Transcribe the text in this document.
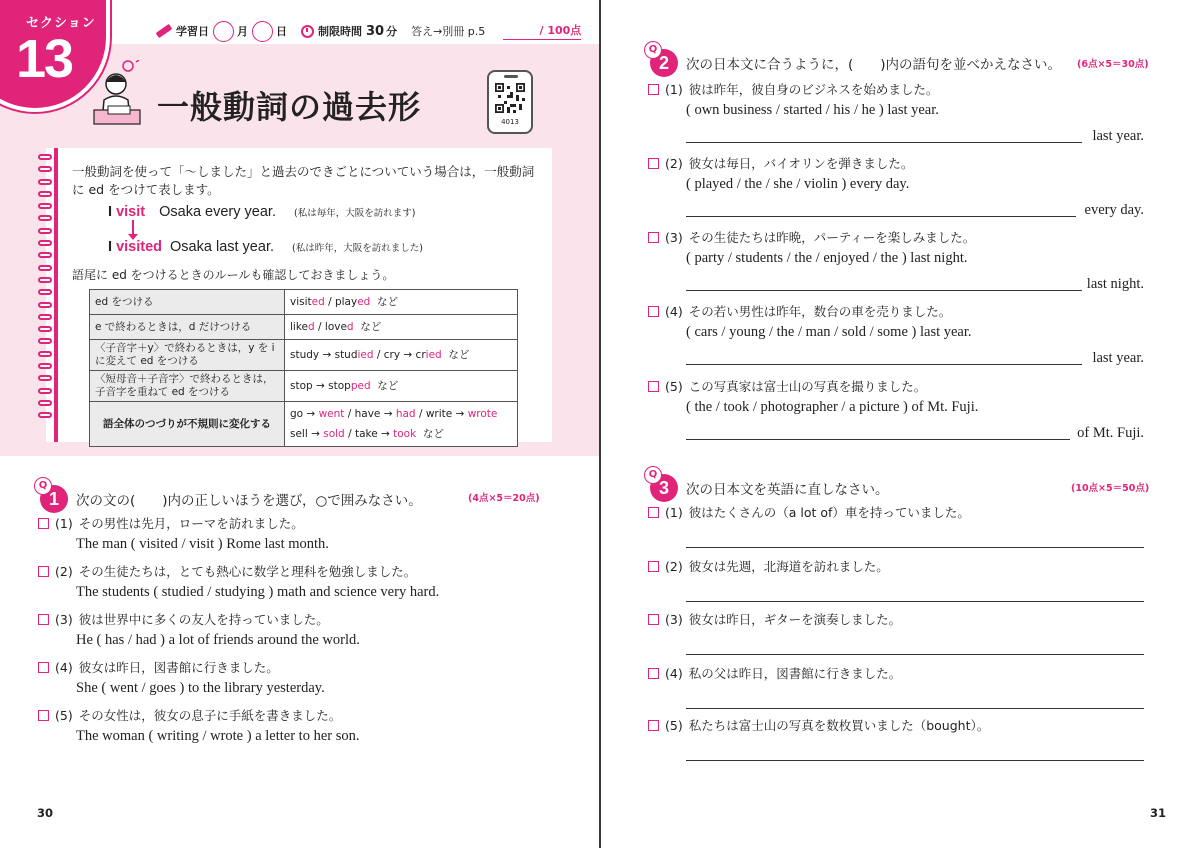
セクション
13	学習日	月	日	制限時間 30 分 答え→別冊 p.5	/ 100点
一般動詞の過去形	4013
一般動詞を使って「～しました」と過去のできごとについていう場合は，一般動詞に ed をつけて表します。
I visit Osaka every year. (私は毎年，大阪を訪れます)
I visited Osaka last year. (私は昨年，大阪を訪れました)
語尾に ed をつけるときのルールも確認しておきましょう。
ed をつける	visited / played  など

e で終わるときは，d だけつける	liked / loved  など

〈子音字＋y〉で終わるときは，y を i に変えて ed をつける	study → studied / cry → cried  など

〈短母音＋子音字〉で終わるときは，子音字を重ねて ed をつける	stop → stopped  など

語全体のつづりが不規則に変化する	go → went / have → had / write → wrote
sell → sold / take → took  など
1
Q
次の文の(　　)内の正しいほうを選び，○で囲みなさい。	(4点×5＝20点)
(1) その男性は先月，ローマを訪れました。
The man ( visited / visit ) Rome last month.
(2) その生徒たちは，とても熱心に数学と理科を勉強しました。
The students ( studied / studying ) math and science very hard.
(3) 彼は世界中に多くの友人を持っていました。
He ( has / had ) a lot of friends around the world.
(4) 彼女は昨日，図書館に行きました。
She ( went / goes ) to the library yesterday.
(5) その女性は，彼女の息子に手紙を書きました。
The woman ( writing / wrote ) a letter to her son.
30
2
Q
次の日本文に合うように，(　　)内の語句を並べかえなさい。 (6点×5＝30点)
(1) 彼は昨年，彼自身のビジネスを始めました。
( own business / started / his / he ) last year.
last year.
(2) 彼女は毎日，バイオリンを弾きました。
( played / the / she / violin ) every day.
every day.
(3) その生徒たちは昨晩，パーティーを楽しみました。
( party / students / the / enjoyed / the ) last night.
last night.
(4) その若い男性は昨年，数台の車を売りました。
( cars / young / the / man / sold / some ) last year.
last year.
(5) この写真家は富士山の写真を撮りました。
( the / took / photographer / a picture ) of Mt. Fuji.
of Mt. Fuji.
3
Q
次の日本文を英語に直しなさい。	(10点×5＝50点)
(1) 彼はたくさんの（a lot of）車を持っていました。
(2) 彼女は先週，北海道を訪れました。
(3) 彼女は昨日，ギターを演奏しました。
(4) 私の父は昨日，図書館に行きました。
(5) 私たちは富士山の写真を数枚買いました（bought）。
31
